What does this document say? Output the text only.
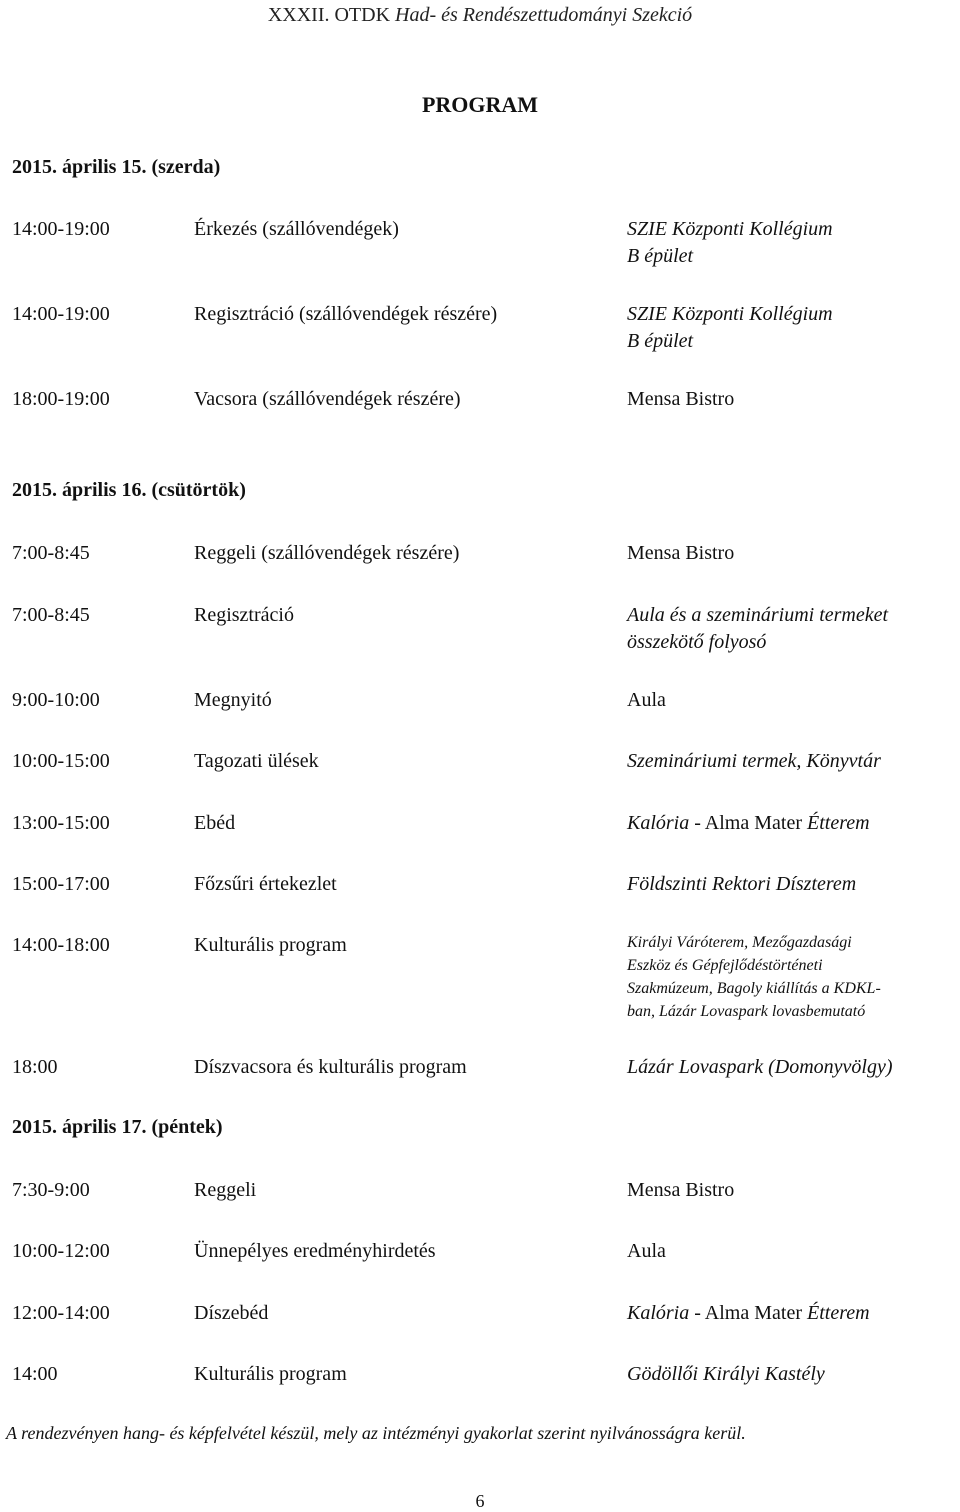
XXXII. OTDK Had- és Rendészettudományi Szekció
PROGRAM
2015. április 15. (szerda)
14:00-19:00	Érkezés (szállóvendégek)	SZIE Központi Kollégium
B épület
14:00-19:00	Regisztráció (szállóvendégek részére)	SZIE Központi Kollégium
B épület
18:00-19:00	Vacsora (szállóvendégek részére)	Mensa Bistro
2015. április 16. (csütörtök)
7:00-8:45	Reggeli (szállóvendégek részére)	Mensa Bistro
7:00-8:45	Regisztráció	Aula és a szemináriumi termeket
összekötő folyosó
9:00-10:00	Megnyitó	Aula
10:00-15:00	Tagozati ülések	Szemináriumi termek, Könyvtár
13:00-15:00	Ebéd	Kalória - Alma Mater Étterem
15:00-17:00	Főzsűri értekezlet	Földszinti Rektori Díszterem
14:00-18:00	Kulturális program	Királyi Váróterem, Mezőgazdasági
Eszköz és Gépfejlődéstörténeti
Szakmúzeum, Bagoly kiállítás a KDKL-
ban, Lázár Lovaspark lovasbemutató
18:00	Díszvacsora és kulturális program	Lázár Lovaspark (Domonyvölgy)
2015. április 17. (péntek)
7:30-9:00	Reggeli	Mensa Bistro
10:00-12:00	Ünnepélyes eredményhirdetés	Aula
12:00-14:00	Díszebéd	Kalória - Alma Mater Étterem
14:00	Kulturális program	Gödöllői Királyi Kastély
A rendezvényen hang- és képfelvétel készül, mely az intézményi gyakorlat szerint nyilvánosságra kerül.
6
